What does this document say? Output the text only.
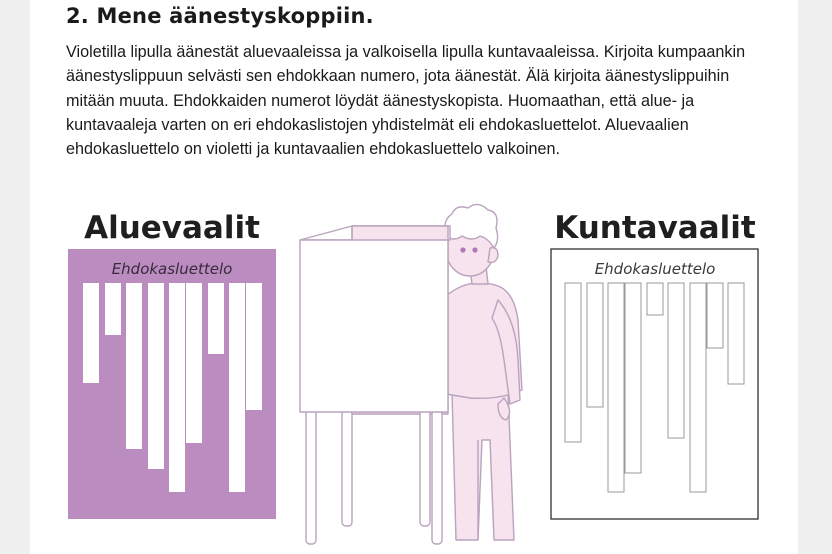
2. Mene äänestyskoppiin.

Violetilla lipulla äänestät aluevaaleissa ja valkoisella lipulla kuntavaaleissa. Kirjoita kumpaankin äänestyslippuun selvästi sen ehdokkaan numero, jota äänestät. Älä kirjoita äänestyslippuihin mitään muuta. Ehdokkaiden numerot löydät äänestyskopista. Huomaathan, että alue- ja kuntavaaleja varten on eri ehdokaslistojen yhdistelmät eli ehdokasluettelot. Aluevaalien ehdokasluettelo on violetti ja kuntavaalien ehdokasluettelo valkoinen.

Aluevaalit
Ehdokasluettelo
Kuntavaalit
Ehdokasluettelo
